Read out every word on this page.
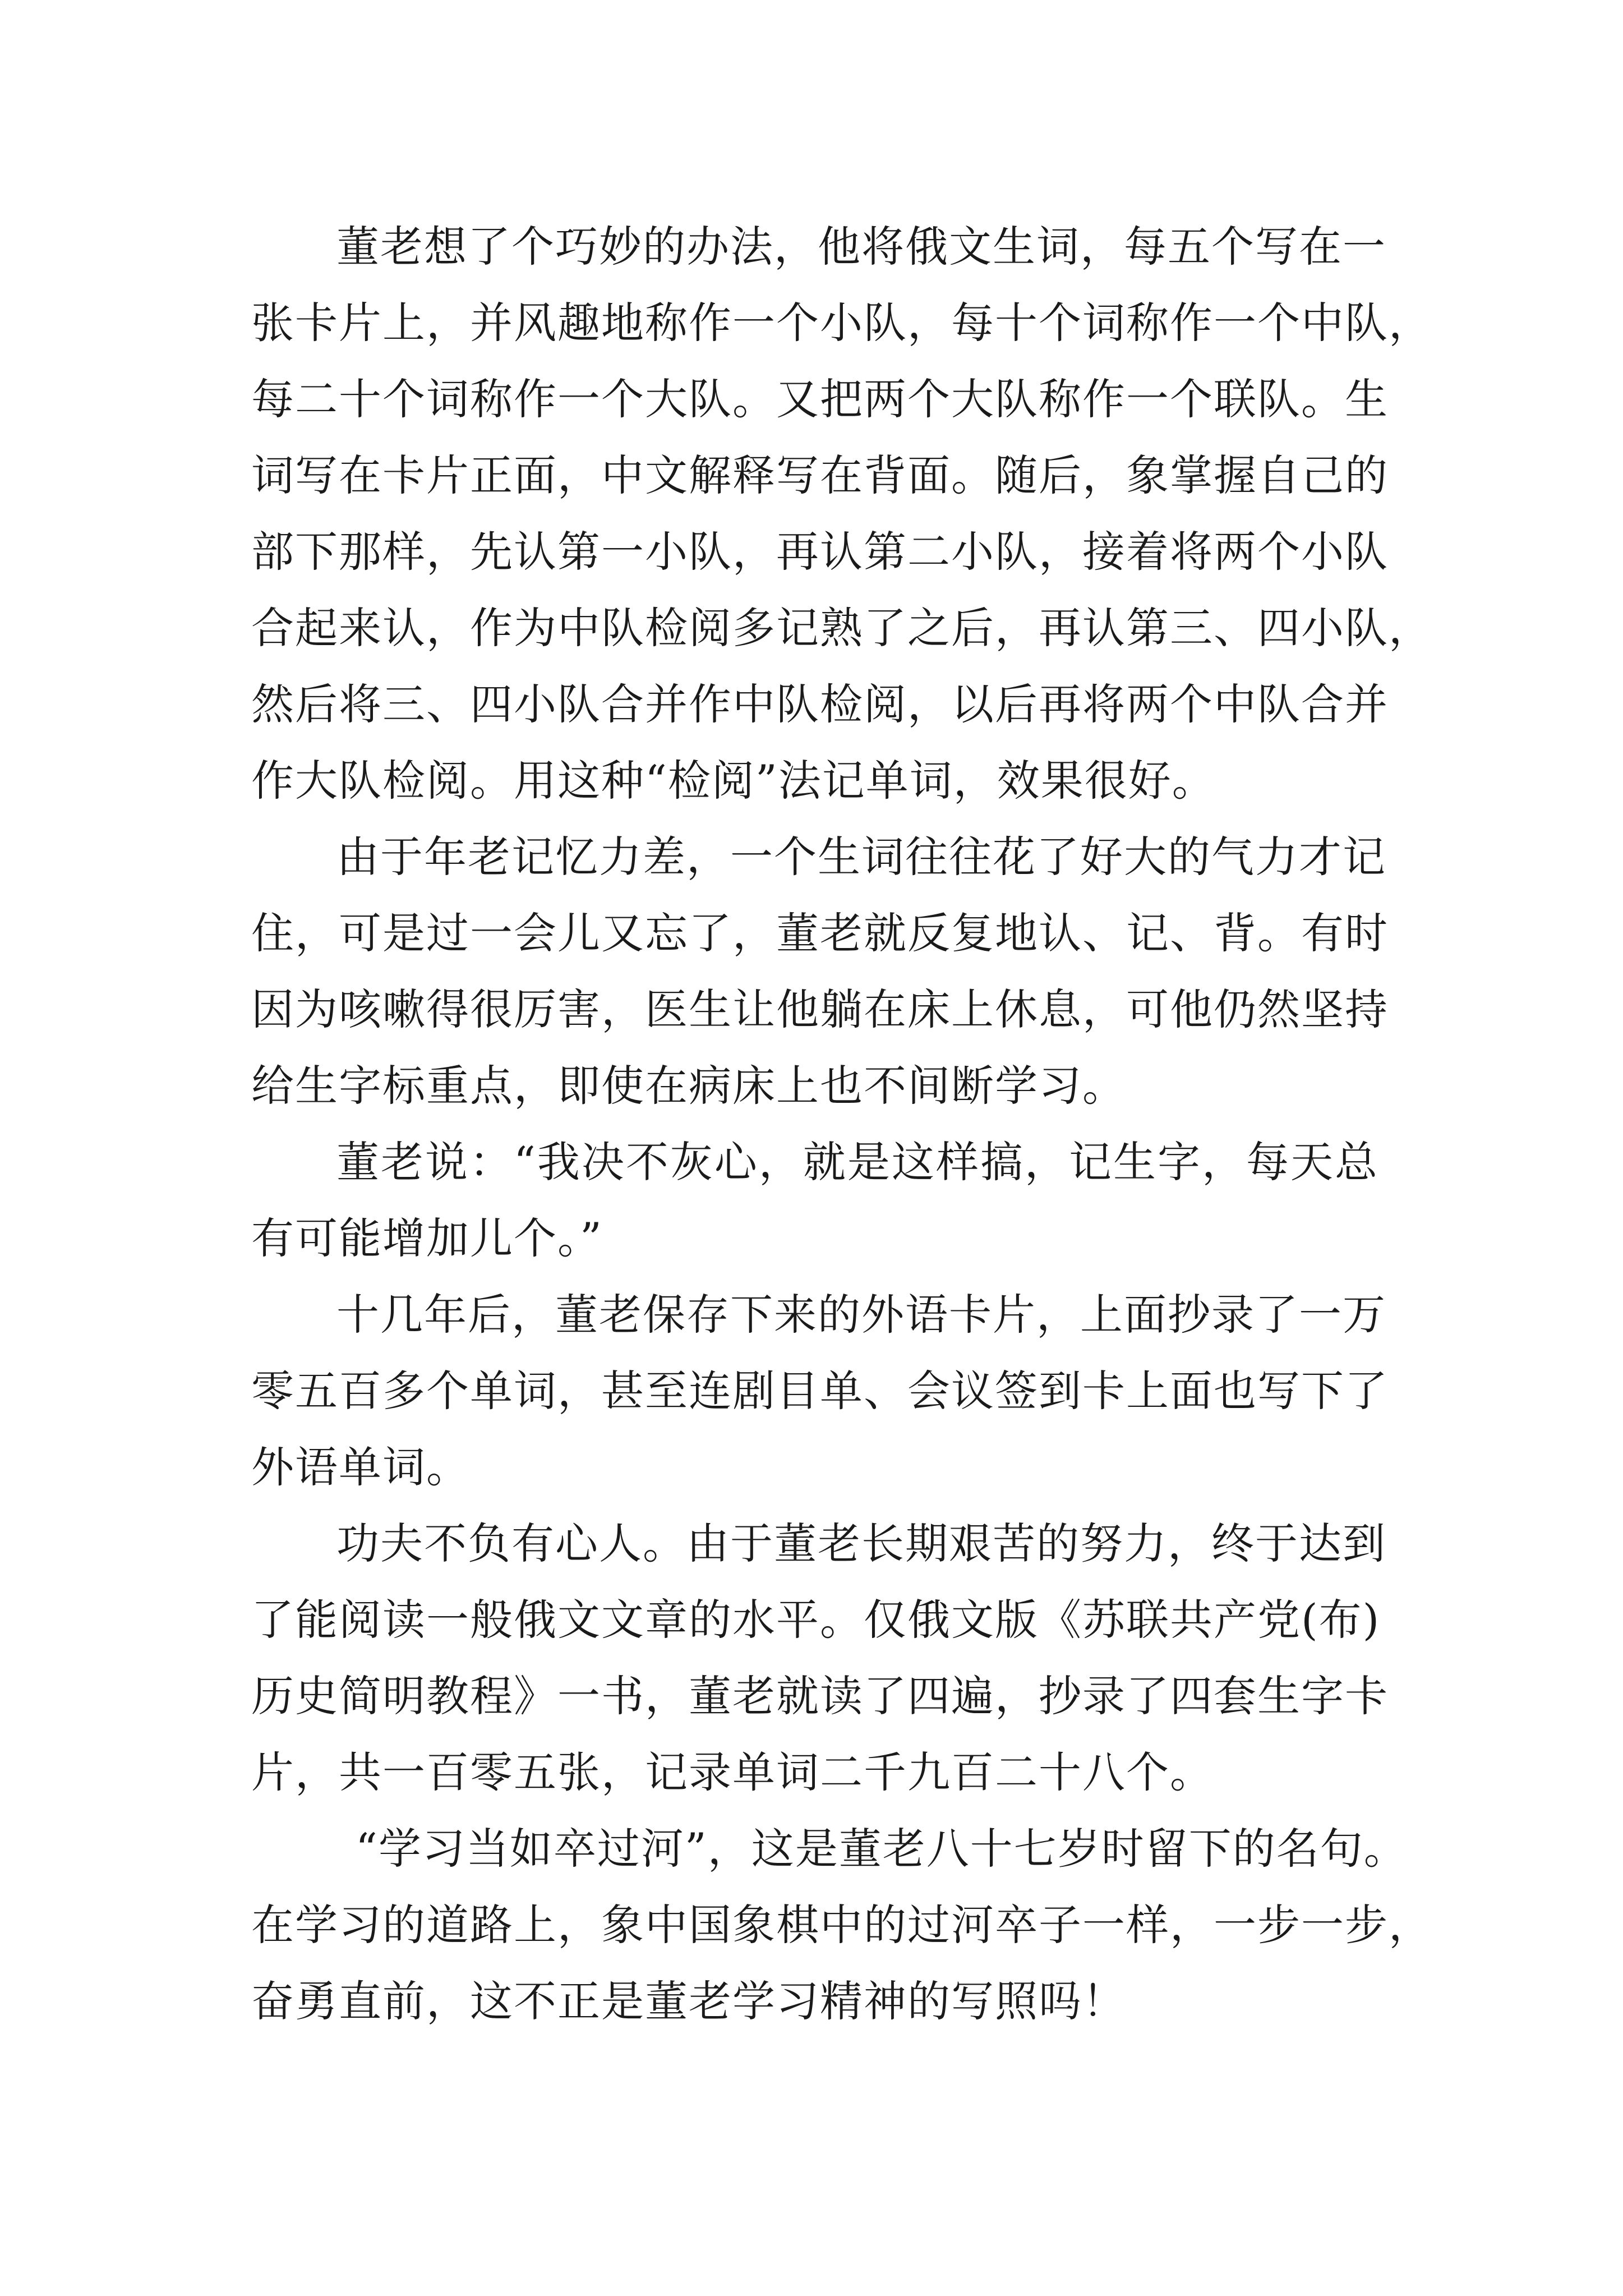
董老想了个巧妙的办法，他将俄文生词，每五个写在一
张卡片上，并风趣地称作一个小队，每十个词称作一个中队，
每二十个词称作一个大队。又把两个大队称作一个联队。生
词写在卡片正面，中文解释写在背面。随后，象掌握自己的
部下那样，先认第一小队，再认第二小队，接着将两个小队
合起来认，作为中队检阅多记熟了之后，再认第三、四小队，
然后将三、四小队合并作中队检阅，以后再将两个中队合并
作大队检阅。用这种“检阅”法记单词，效果很好。
由于年老记忆力差，一个生词往往花了好大的气力才记
住，可是过一会儿又忘了，董老就反复地认、记、背。有时
因为咳嗽得很厉害，医生让他躺在床上休息，可他仍然坚持
给生字标重点，即使在病床上也不间断学习。
董老说：“我决不灰心，就是这样搞，记生字，每天总
有可能增加儿个。”
十几年后，董老保存下来的外语卡片，上面抄录了一万
零五百多个单词，甚至连剧目单、会议签到卡上面也写下了
外语单词。
功夫不负有心人。由于董老长期艰苦的努力，终于达到
了能阅读一般俄文文章的水平。仅俄文版《苏联共产党(布)
历史简明教程》一书，董老就读了四遍，抄录了四套生字卡
片，共一百零五张，记录单词二千九百二十八个。
“学习当如卒过河”，这是董老八十七岁时留下的名句。
在学习的道路上，象中国象棋中的过河卒子一样，一步一步，
奋勇直前，这不正是董老学习精神的写照吗！
